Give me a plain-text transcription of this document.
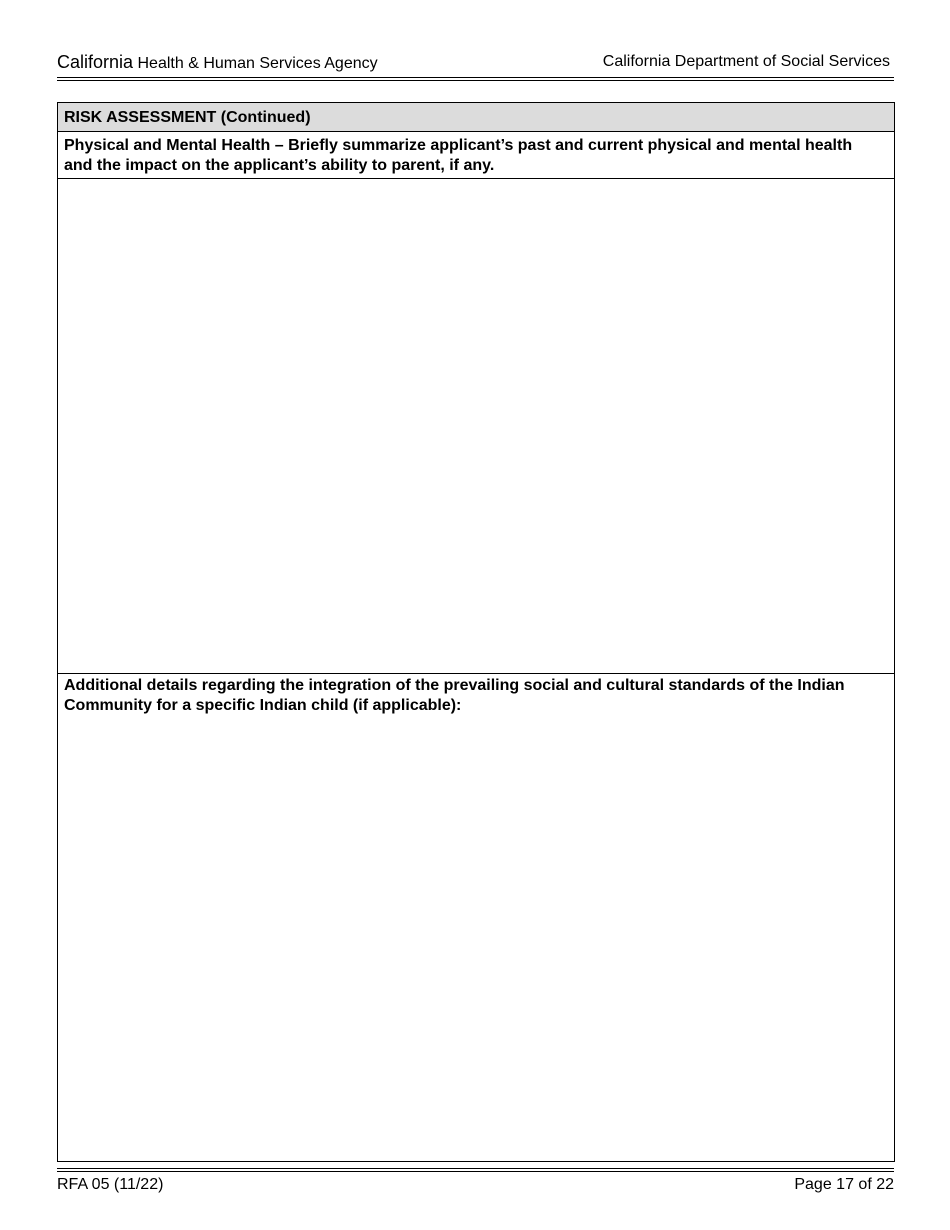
California Health & Human Services Agency	California Department of Social Services
RISK ASSESSMENT (Continued)
Physical and Mental Health – Briefly summarize applicant’s past and current physical and mental health and the impact on the applicant’s ability to parent, if any.
Additional details regarding the integration of the prevailing social and cultural standards of the Indian Community for a specific Indian child (if applicable):
RFA 05 (11/22)	Page 17 of 22
